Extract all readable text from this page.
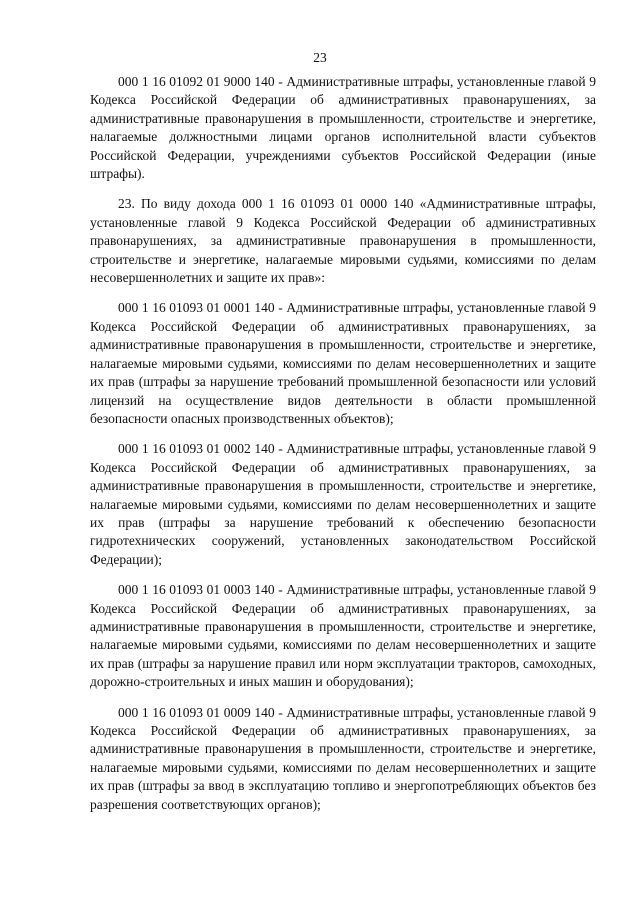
23

000 1 16 01092 01 9000 140 - Административные штрафы, установленные главой 9 Кодекса Российской Федерации об административных правонарушениях, за административные правонарушения в промышленности, строительстве и энергетике, налагаемые должностными лицами органов исполнительной власти субъектов Российской Федерации, учреждениями субъектов Российской Федерации (иные штрафы).

23. По виду дохода 000 1 16 01093 01 0000 140 «Административные штрафы, установленные главой 9 Кодекса Российской Федерации об административных правонарушениях, за административные правонарушения в промышленности, строительстве и энергетике, налагаемые мировыми судьями, комиссиями по делам несовершеннолетних и защите их прав»:

000 1 16 01093 01 0001 140 - Административные штрафы, установленные главой 9 Кодекса Российской Федерации об административных правонарушениях, за административные правонарушения в промышленности, строительстве и энергетике, налагаемые мировыми судьями, комиссиями по делам несовершеннолетних и защите их прав (штрафы за нарушение требований промышленной безопасности или условий лицензий на осуществление видов деятельности в области промышленной безопасности опасных производственных объектов);

000 1 16 01093 01 0002 140 - Административные штрафы, установленные главой 9 Кодекса Российской Федерации об административных правонарушениях, за административные правонарушения в промышленности, строительстве и энергетике, налагаемые мировыми судьями, комиссиями по делам несовершеннолетних и защите их прав (штрафы за нарушение требований к обеспечению безопасности гидротехнических сооружений, установленных законодательством Российской Федерации);

000 1 16 01093 01 0003 140 - Административные штрафы, установленные главой 9 Кодекса Российской Федерации об административных правонарушениях, за административные правонарушения в промышленности, строительстве и энергетике, налагаемые мировыми судьями, комиссиями по делам несовершеннолетних и защите их прав (штрафы за нарушение правил или норм эксплуатации тракторов, самоходных, дорожно-строительных и иных машин и оборудования);

000 1 16 01093 01 0009 140 - Административные штрафы, установленные главой 9 Кодекса Российской Федерации об административных правонарушениях, за административные правонарушения в промышленности, строительстве и энергетике, налагаемые мировыми судьями, комиссиями по делам несовершеннолетних и защите их прав (штрафы за ввод в эксплуатацию топливо и энергопотребляющих объектов без разрешения соответствующих органов);
